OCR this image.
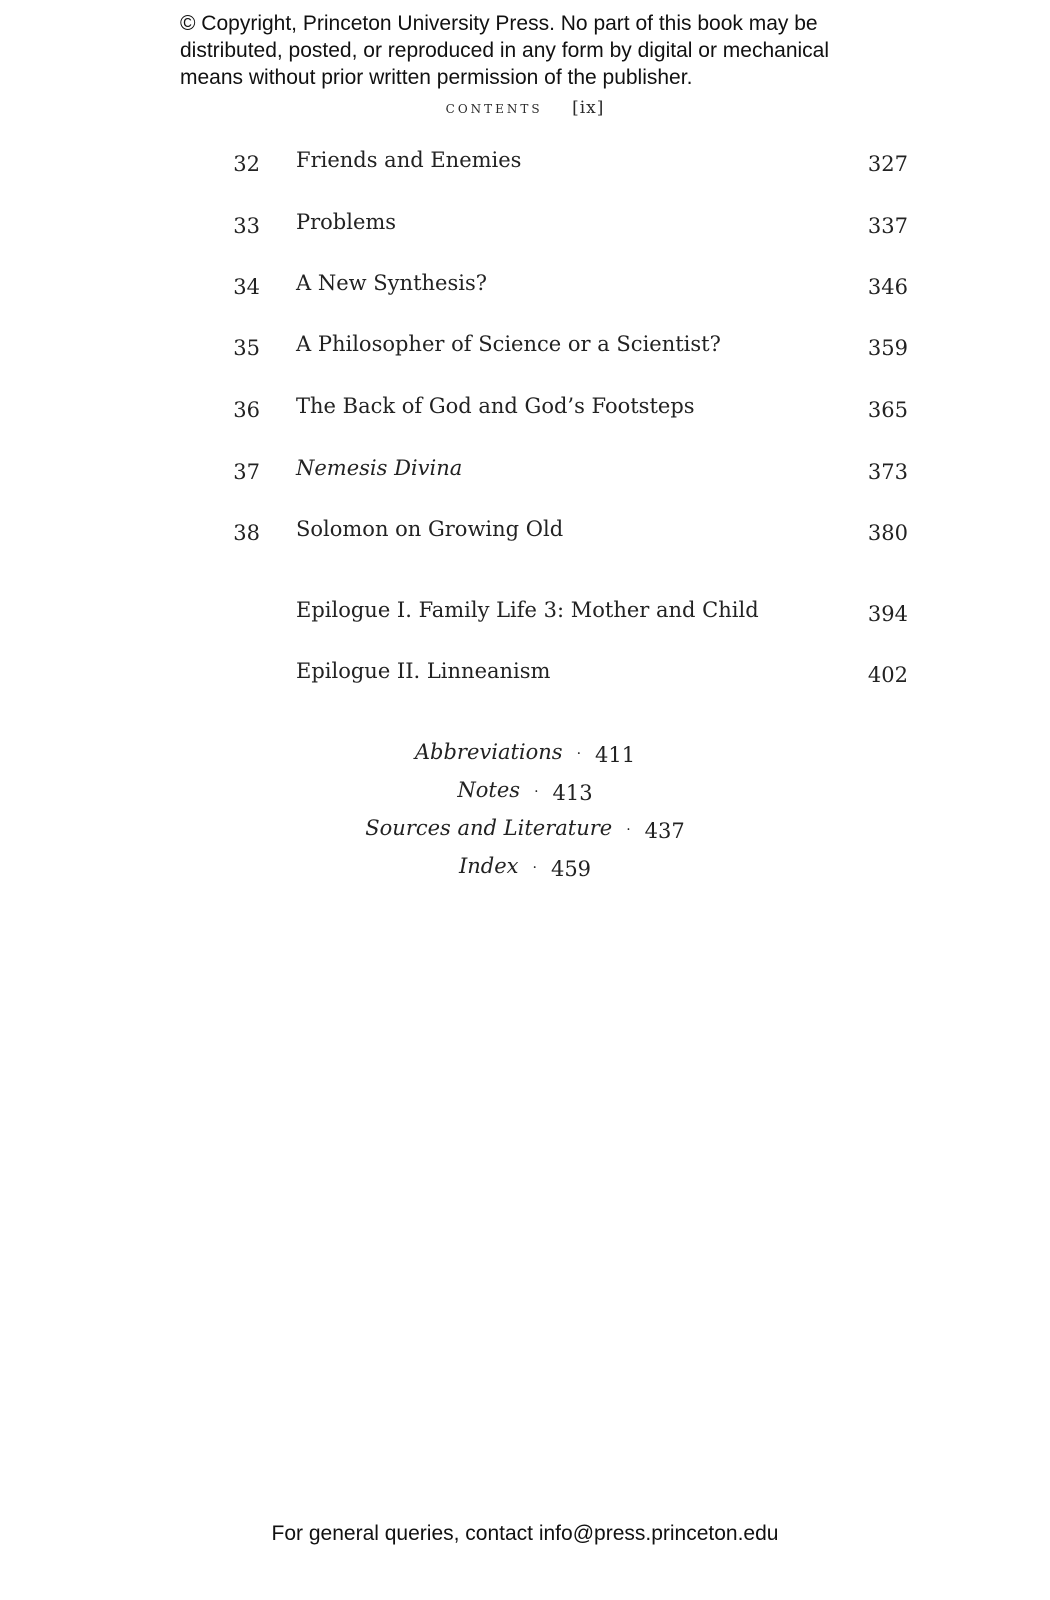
© Copyright, Princeton University Press. No part of this book may be
distributed, posted, or reproduced in any form by digital or mechanical
means without prior written permission of the publisher.
contents [ix]
32 Friends and Enemies	327
33 Problems	337
34 A New Synthesis?	346
35 A Philosopher of Science or a Scientist?	359
36 The Back of God and God’s Footsteps	365
37 Nemesis Divina	373
38 Solomon on Growing Old	380
Epilogue I. Family Life 3: Mother and Child	394
Epilogue II. Linneanism	402
Abbreviations · 411
Notes · 413
Sources and Literature · 437
Index · 459
For general queries, contact info@press.princeton.edu
